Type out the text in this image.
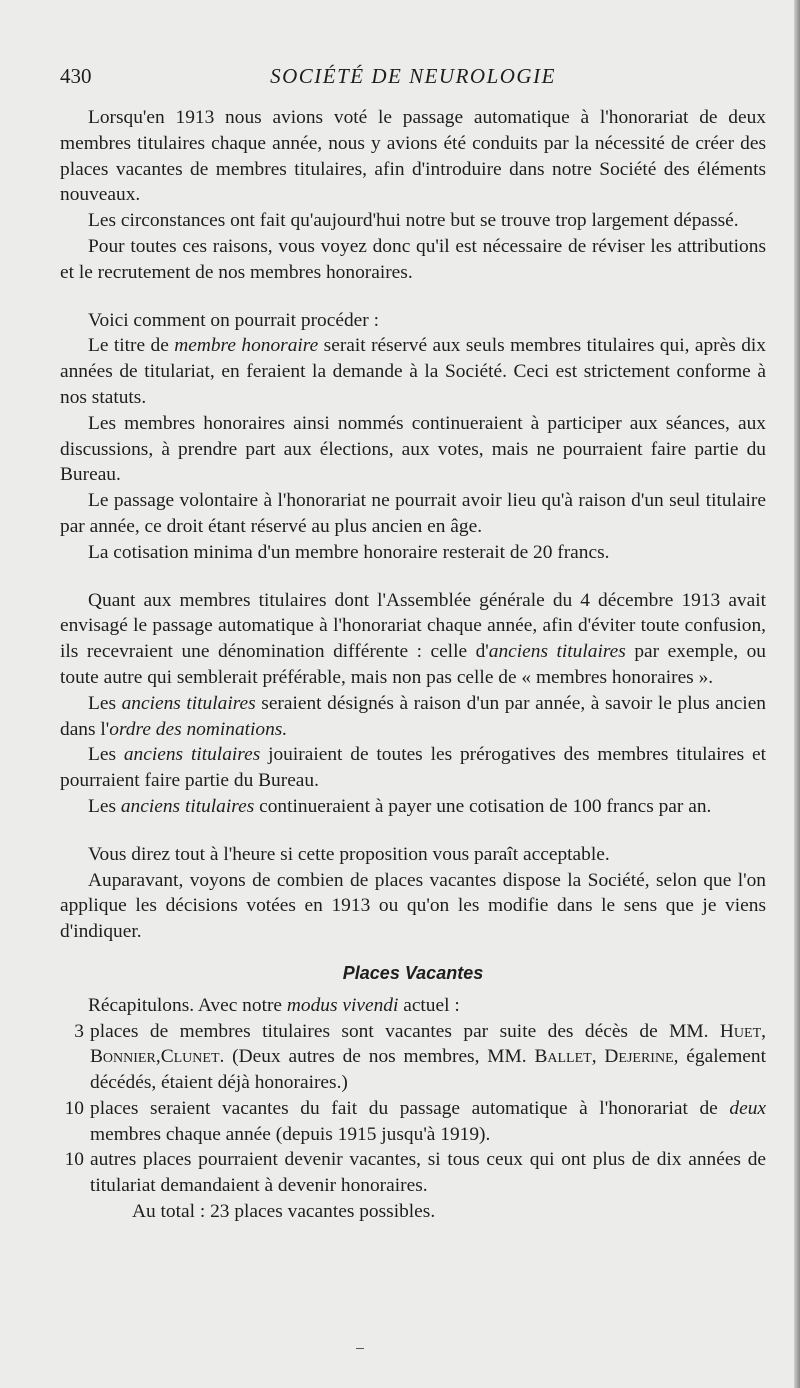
430	SOCIÉTÉ DE NEUROLOGIE

Lorsqu'en 1913 nous avions voté le passage automatique à l'honorariat de deux membres titulaires chaque année, nous y avions été conduits par la nécessité de créer des places vacantes de membres titulaires, afin d'introduire dans notre Société des éléments nouveaux.

Les circonstances ont fait qu'aujourd'hui notre but se trouve trop largement dépassé.

Pour toutes ces raisons, vous voyez donc qu'il est nécessaire de réviser les attributions et le recrutement de nos membres honoraires.

Voici comment on pourrait procéder :

Le titre de membre honoraire serait réservé aux seuls membres titulaires qui, après dix années de titulariat, en feraient la demande à la Société. Ceci est strictement conforme à nos statuts.

Les membres honoraires ainsi nommés continueraient à participer aux séances, aux discussions, à prendre part aux élections, aux votes, mais ne pourraient faire partie du Bureau.

Le passage volontaire à l'honorariat ne pourrait avoir lieu qu'à raison d'un seul titulaire par année, ce droit étant réservé au plus ancien en âge.

La cotisation minima d'un membre honoraire resterait de 20 francs.

Quant aux membres titulaires dont l'Assemblée générale du 4 décembre 1913 avait envisagé le passage automatique à l'honorariat chaque année, afin d'éviter toute confusion, ils recevraient une dénomination différente : celle d'anciens titulaires par exemple, ou toute autre qui semblerait préférable, mais non pas celle de « membres honoraires ».

Les anciens titulaires seraient désignés à raison d'un par année, à savoir le plus ancien dans l'ordre des nominations.

Les anciens titulaires jouiraient de toutes les prérogatives des membres titulaires et pourraient faire partie du Bureau.

Les anciens titulaires continueraient à payer une cotisation de 100 francs par an.

Vous direz tout à l'heure si cette proposition vous paraît acceptable.

Auparavant, voyons de combien de places vacantes dispose la Société, selon que l'on applique les décisions votées en 1913 ou qu'on les modifie dans le sens que je viens d'indiquer.

Places Vacantes

Récapitulons. Avec notre modus vivendi actuel :

3 places de membres titulaires sont vacantes par suite des décès de MM. Huet, Bonnier,Clunet. (Deux autres de nos membres, MM. Ballet, Dejerine, également décédés, étaient déjà honoraires.)
10 places seraient vacantes du fait du passage automatique à l'honorariat de deux membres chaque année (depuis 1915 jusqu'à 1919).
10 autres places pourraient devenir vacantes, si tous ceux qui ont plus de dix années de titulariat demandaient à devenir honoraires.
Au total : 23 places vacantes possibles.
